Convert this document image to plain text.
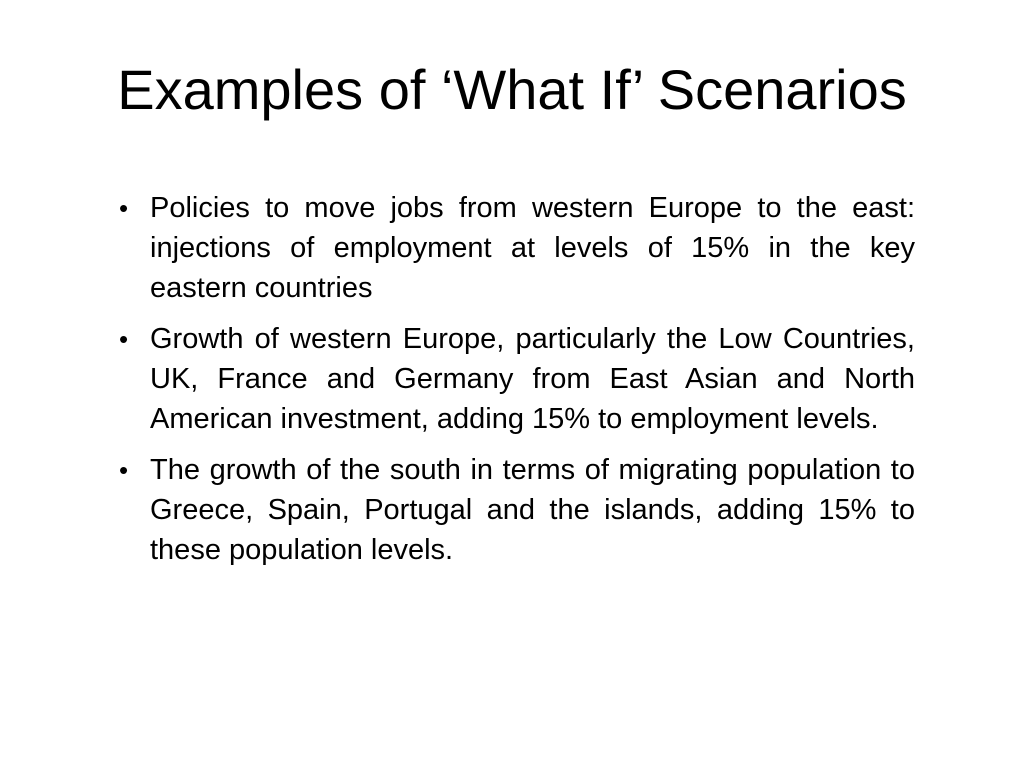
Examples of ‘What If’ Scenarios
• Policies to move jobs from western Europe to the east: injections of employment at levels of 15% in the key eastern countries
• Growth of western Europe, particularly the Low Countries, UK, France and Germany from East Asian and North American investment, adding 15% to employment levels.
• The growth of the south in terms of migrating population to Greece, Spain, Portugal and the islands, adding 15% to these population levels.
